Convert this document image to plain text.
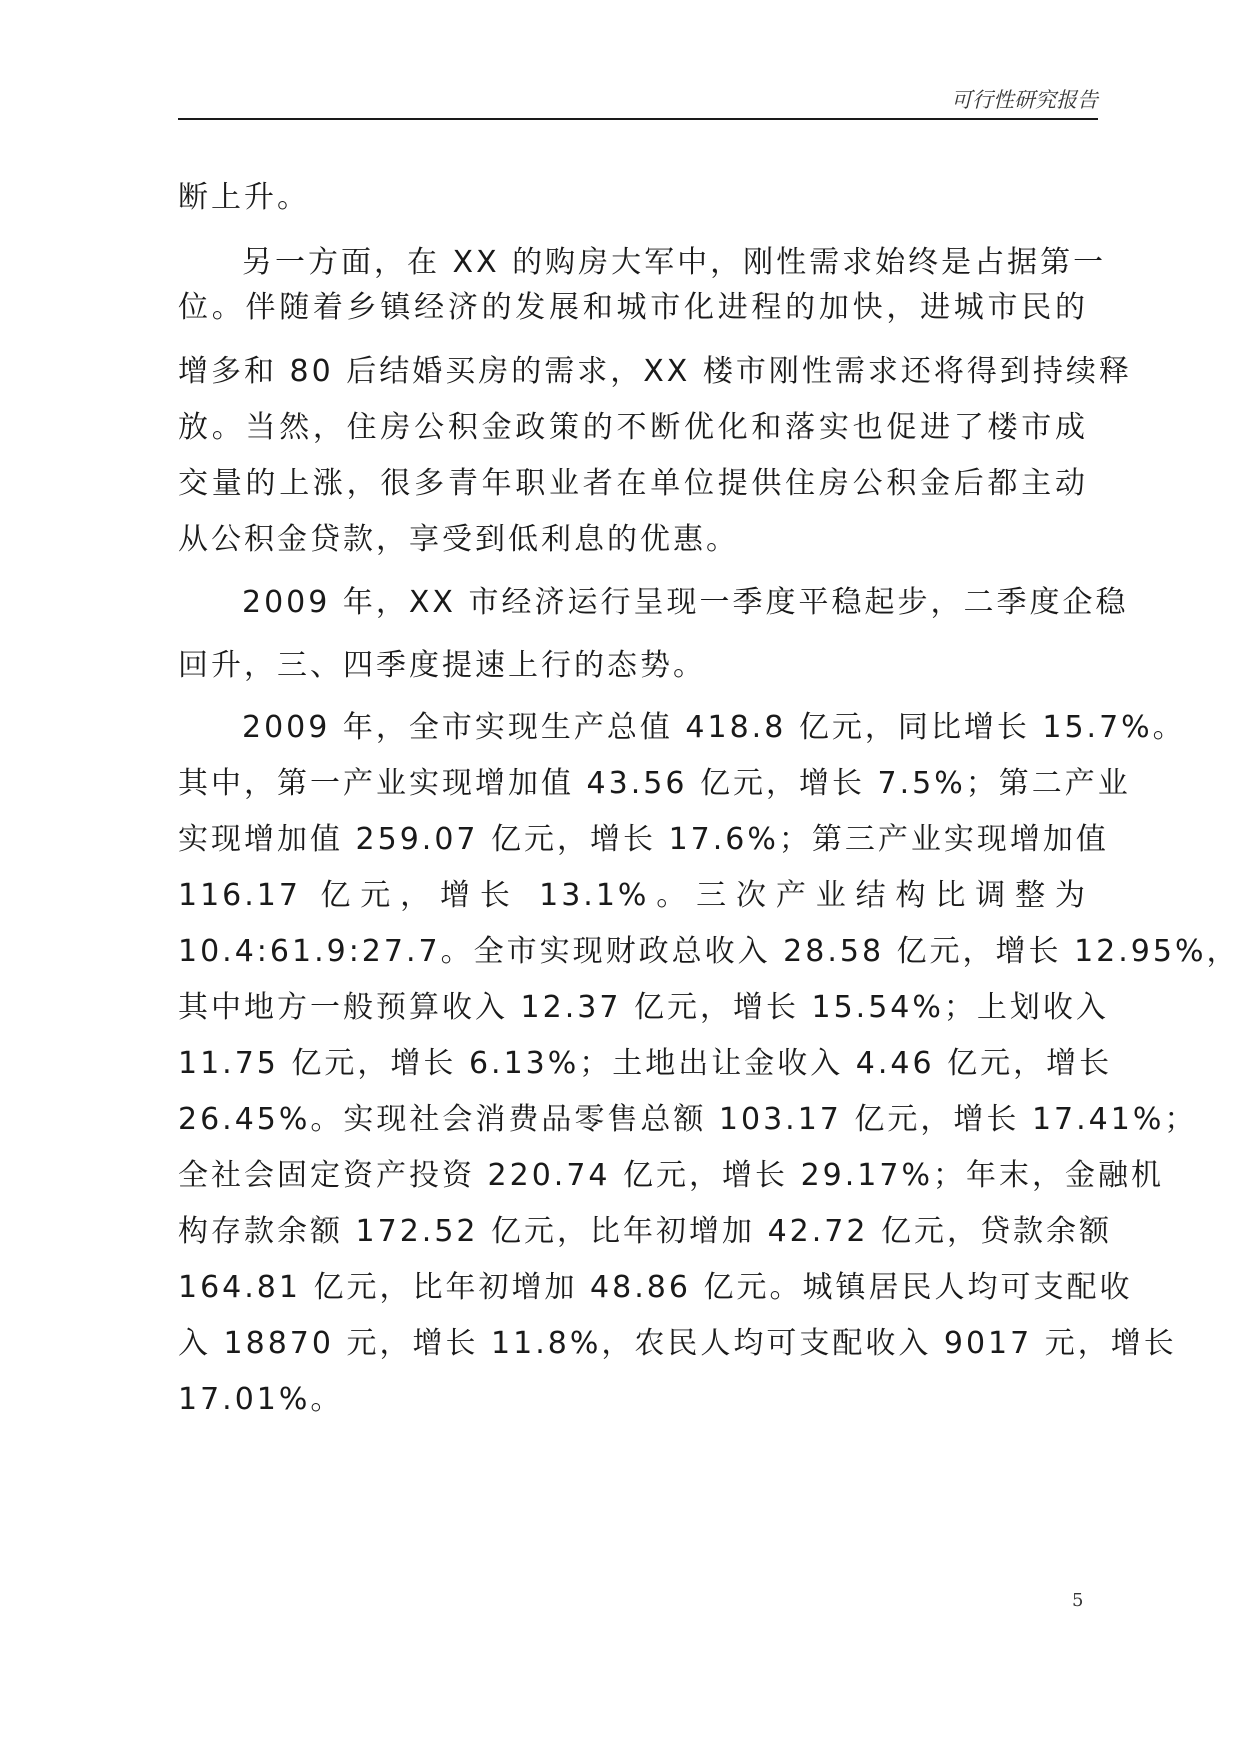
可行性研究报告
断上升。
另一方面，在 XX 的购房大军中，刚性需求始终是占据第一
位。伴随着乡镇经济的发展和城市化进程的加快，进城市民的
增多和 80 后结婚买房的需求，XX 楼市刚性需求还将得到持续释
放。当然，住房公积金政策的不断优化和落实也促进了楼市成
交量的上涨，很多青年职业者在单位提供住房公积金后都主动
从公积金贷款，享受到低利息的优惠。
2009 年，XX 市经济运行呈现一季度平稳起步，二季度企稳
回升，三、四季度提速上行的态势。
2009 年，全市实现生产总值 418.8 亿元，同比增长 15.7%。
其中，第一产业实现增加值 43.56 亿元，增长 7.5%；第二产业
实现增加值 259.07 亿元，增长 17.6%；第三产业实现增加值
116.17 亿元，增长 13.1%。三次产业结构比调整为
10.4:61.9:27.7。全市实现财政总收入 28.58 亿元，增长 12.95%，
其中地方一般预算收入 12.37 亿元，增长 15.54%；上划收入
11.75 亿元，增长 6.13%；土地出让金收入 4.46 亿元，增长
26.45%。实现社会消费品零售总额 103.17 亿元，增长 17.41%；
全社会固定资产投资 220.74 亿元，增长 29.17%；年末，金融机
构存款余额 172.52 亿元，比年初增加 42.72 亿元，贷款余额
164.81 亿元，比年初增加 48.86 亿元。城镇居民人均可支配收
入 18870 元，增长 11.8%，农民人均可支配收入 9017 元，增长
17.01%。
5
